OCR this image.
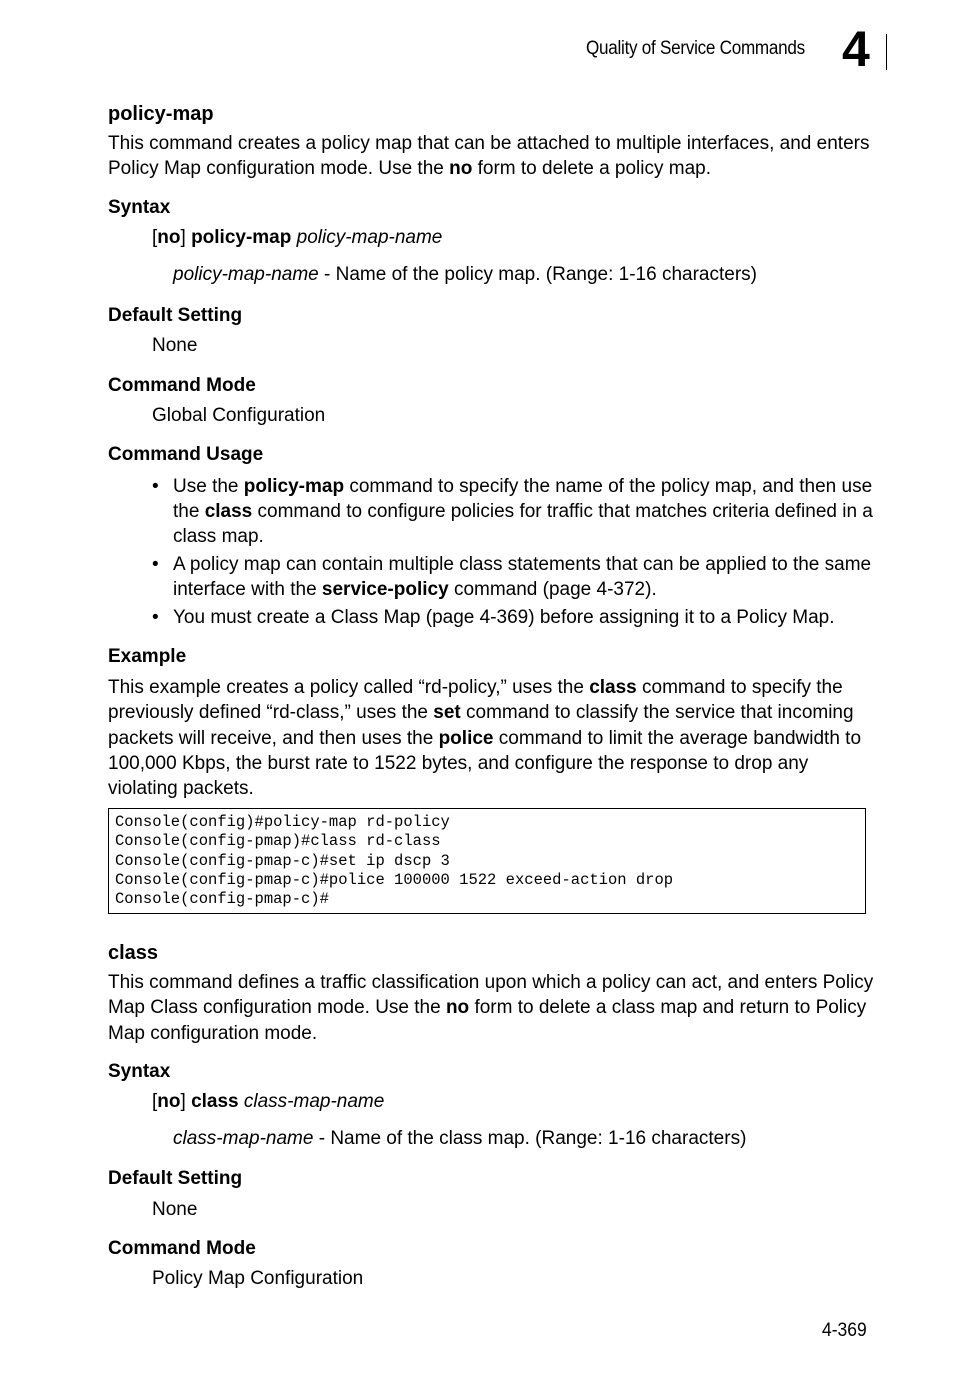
Quality of Service Commands 4
policy-map
This command creates a policy map that can be attached to multiple interfaces, and enters Policy Map configuration mode. Use the no form to delete a policy map.
Syntax
[no] policy-map policy-map-name
policy-map-name - Name of the policy map. (Range: 1-16 characters)
Default Setting
None
Command Mode
Global Configuration
Command Usage
• Use the policy-map command to specify the name of the policy map, and then use the class command to configure policies for traffic that matches criteria defined in a class map.
• A policy map can contain multiple class statements that can be applied to the same interface with the service-policy command (page 4-372).
• You must create a Class Map (page 4-369) before assigning it to a Policy Map.
Example
This example creates a policy called “rd-policy,” uses the class command to specify the previously defined “rd-class,” uses the set command to classify the service that incoming packets will receive, and then uses the police command to limit the average bandwidth to 100,000 Kbps, the burst rate to 1522 bytes, and configure the response to drop any violating packets.
Console(config)#policy-map rd-policy
Console(config-pmap)#class rd-class
Console(config-pmap-c)#set ip dscp 3
Console(config-pmap-c)#police 100000 1522 exceed-action drop
Console(config-pmap-c)#
class
This command defines a traffic classification upon which a policy can act, and enters Policy Map Class configuration mode. Use the no form to delete a class map and return to Policy Map configuration mode.
Syntax
[no] class class-map-name
class-map-name - Name of the class map. (Range: 1-16 characters)
Default Setting
None
Command Mode
Policy Map Configuration
4-369
